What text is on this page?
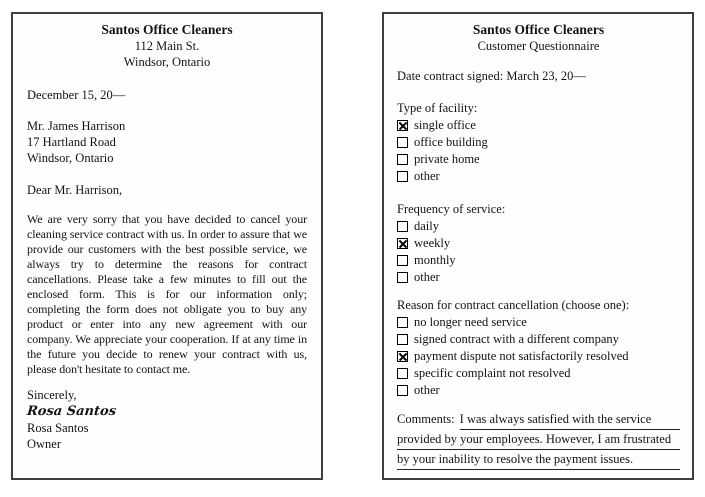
Santos Office Cleaners
112 Main St.
Windsor, Ontario
December 15, 20—
Mr. James Harrison
17 Hartland Road
Windsor, Ontario
Dear Mr. Harrison,
We are very sorry that you have decided to cancel your cleaning service contract with us. In order to assure that we provide our customers with the best possible service, we always try to determine the reasons for contract cancellations. Please take a few minutes to fill out the enclosed form. This is for our information only; completing the form does not obligate you to buy any product or enter into any new agreement with our company. We appreciate your cooperation. If at any time in the future you decide to renew your contract with us, please don't hesitate to contact me.
Sincerely,
Rosa Santos
Rosa Santos
Owner
Santos Office Cleaners
Customer Questionnaire
Date contract signed: March 23, 20—
Type of facility:
single office
office building
private home
other
Frequency of service:
daily
weekly
monthly
other
Reason for contract cancellation (choose one):
no longer need service
signed contract with a different company
payment dispute not satisfactorily resolved
specific complaint not resolved
other
Comments: I was always satisfied with the service
provided by your employees. However, I am frustrated
by your inability to resolve the payment issues.
